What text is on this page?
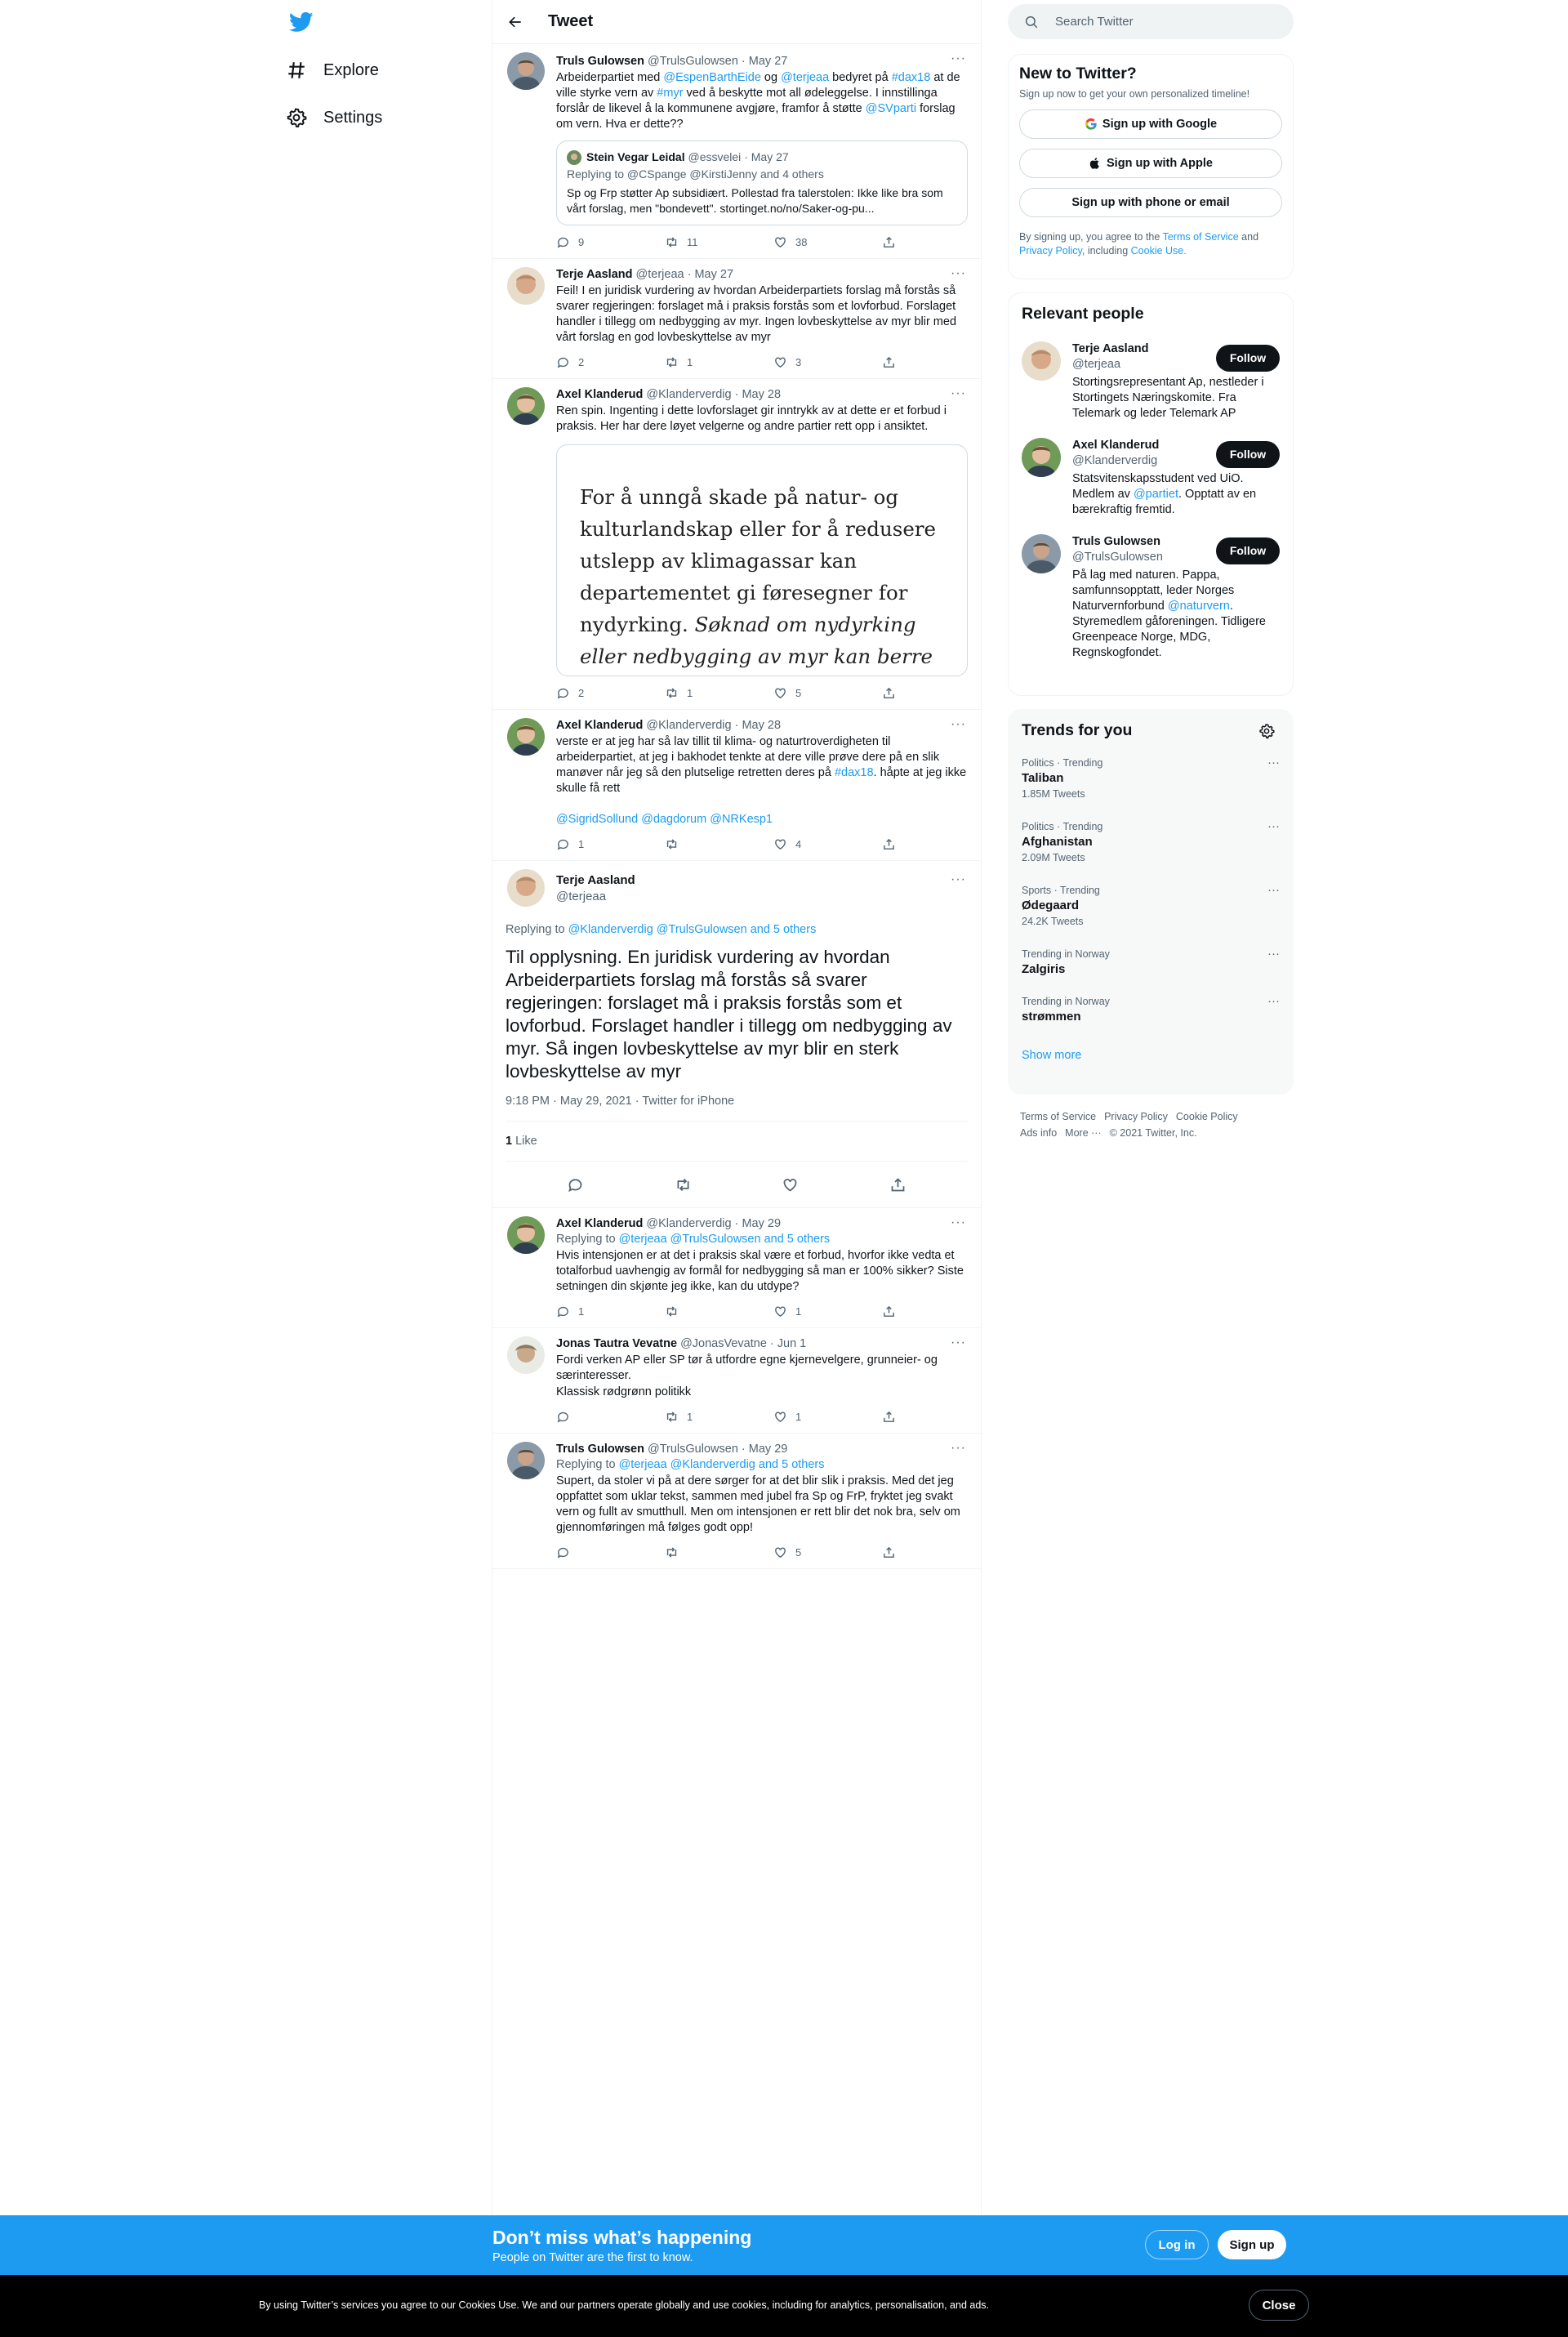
Explore
Settings
Tweet
Truls Gulowsen @TrulsGulowsen · May 27	···
Arbeiderpartiet med @EspenBarthEide og @terjeaa bedyret på #dax18 at de ville styrke vern av #myr ved å beskytte mot all ødeleggelse. I innstillinga forslår de likevel å la kommunene avgjøre, framfor å støtte @SVparti forslag om vern. Hva er dette??
Stein Vegar Leidal
@essvelei
· May 27
Replying to @CSpange @KirstiJenny and 4 others
Sp og Frp støtter Ap subsidiært. Pollestad fra talerstolen: Ikke like bra som vårt forslag, men "bondevett". stortinget.no/no/Saker-og-pu...
9	11	38
Terje Aasland @terjeaa · May 27	···
Feil! I en juridisk vurdering av hvordan Arbeiderpartiets forslag må forstås så svarer regjeringen: forslaget må i praksis forstås som et lovforbud. Forslaget handler i tillegg om nedbygging av myr. Ingen lovbeskyttelse av myr blir med vårt forslag en god lovbeskyttelse av myr
2	1	3
Axel Klanderud @Klanderverdig · May 28	···
Ren spin. Ingenting i dette lovforslaget gir inntrykk av at dette er et forbud i praksis. Her har dere løyet velgerne og andre partier rett opp i ansiktet.
For å unngå skade på natur- og kulturlandskap eller for å redusere utslepp av klimagassar kan departementet gi føresegner for nydyrking. Søknad om nydyrking eller nedbygging av myr kan berre
2	1	5
Axel Klanderud @Klanderverdig · May 28	···
verste er at jeg har så lav tillit til klima- og naturtroverdigheten til arbeiderpartiet, at jeg i bakhodet tenkte at dere ville prøve dere på en slik manøver når jeg så den plutselige retretten deres på #dax18. håpte at jeg ikke skulle få rett
@SigridSollund @dagdorum @NRKesp1
1	4
Terje Aasland
@terjeaa
···
Replying to @Klanderverdig @TrulsGulowsen and 5 others
Til opplysning. En juridisk vurdering av hvordan Arbeiderpartiets forslag må forstås så svarer regjeringen: forslaget må i praksis forstås som et lovforbud. Forslaget handler i tillegg om nedbygging av myr. Så ingen lovbeskyttelse av myr blir en sterk lovbeskyttelse av myr
9:18 PM · May 29, 2021 · Twitter for iPhone
1 Like
Axel Klanderud @Klanderverdig · May 29	···
Replying to @terjeaa @TrulsGulowsen and 5 others
Hvis intensjonen er at det i praksis skal være et forbud, hvorfor ikke vedta et totalforbud uavhengig av formål for nedbygging så man er 100% sikker? Siste setningen din skjønte jeg ikke, kan du utdype?
1	1
Jonas Tautra Vevatne @JonasVevatne · Jun 1	···
Fordi verken AP eller SP tør å utfordre egne kjernevelgere, grunneier- og særinteresser.
Klassisk rødgrønn politikk
1	1
Truls Gulowsen @TrulsGulowsen · May 29	···
Replying to @terjeaa @Klanderverdig and 5 others
Supert, da stoler vi på at dere sørger for at det blir slik i praksis. Med det jeg oppfattet som uklar tekst, sammen med jubel fra Sp og FrP, fryktet jeg svakt vern og fullt av smutthull. Men om intensjonen er rett blir det nok bra, selv om gjennomføringen må følges godt opp!
5
Search Twitter
New to Twitter?
Sign up now to get your own personalized timeline!
Sign up with Google
Sign up with Apple
Sign up with phone or email
By signing up, you agree to the Terms of Service and Privacy Policy, including Cookie Use.
Relevant people
Terje Aasland
@terjeaa
Stortingsrepresentant Ap, nestleder i Stortingets Næringskomite. Fra Telemark og leder Telemark AP
Follow
Axel Klanderud
@Klanderverdig
Statsvitenskapsstudent ved UiO. Medlem av @partiet. Opptatt av en bærekraftig fremtid.
Follow
Truls Gulowsen
@TrulsGulowsen
På lag med naturen. Pappa, samfunnsopptatt, leder Norges Naturvernforbund @naturvern. Styremedlem gåforeningen. Tidligere Greenpeace Norge, MDG, Regnskogfondet.
Follow
Trends for you
Politics · Trending
Taliban
1.85M Tweets
···
Politics · Trending
Afghanistan
2.09M Tweets
···
Sports · Trending
Ødegaard
24.2K Tweets
···
Trending in Norway
Zalgiris
···
Trending in Norway
strømmen
···
Show more
Terms of Service Privacy Policy Cookie Policy
Ads info More ··· © 2021 Twitter, Inc.
Don’t miss what’s happening
People on Twitter are the first to know.
Log in	Sign up
By using Twitter’s services you agree to our Cookies Use. We and our partners operate globally and use cookies, including for analytics, personalisation, and ads.	Close
